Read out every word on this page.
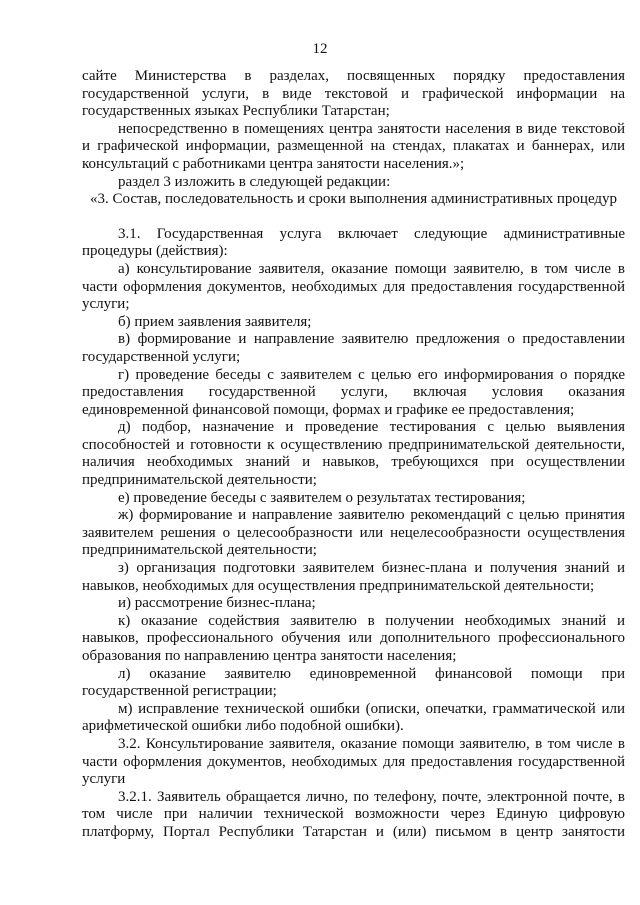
12

сайте Министерства в разделах, посвященных порядку предоставления государственной услуги, в виде текстовой и графической информации на государственных языках Республики Татарстан;

непосредственно в помещениях центра занятости населения в виде текстовой и графической информации, размещенной на стендах, плакатах и баннерах, или консультаций с работниками центра занятости населения.»;

раздел 3 изложить в следующей редакции:

«3. Состав, последовательность и сроки выполнения административных процедур

3.1. Государственная услуга включает следующие административные процедуры (действия):

а) консультирование заявителя, оказание помощи заявителю, в том числе в части оформления документов, необходимых для предоставления государственной услуги;

б) прием заявления заявителя;

в) формирование и направление заявителю предложения о предоставлении государственной услуги;

г) проведение беседы с заявителем с целью его информирования о порядке предоставления государственной услуги, включая условия оказания единовременной финансовой помощи, формах и графике ее предоставления;

д) подбор, назначение и проведение тестирования с целью выявления способностей и готовности к осуществлению предпринимательской деятельности, наличия необходимых знаний и навыков, требующихся при осуществлении предпринимательской деятельности;

е) проведение беседы с заявителем о результатах тестирования;

ж) формирование и направление заявителю рекомендаций с целью принятия заявителем решения о целесообразности или нецелесообразности осуществления предпринимательской деятельности;

з) организация подготовки заявителем бизнес-плана и получения знаний и навыков, необходимых для осуществления предпринимательской деятельности;

и) рассмотрение бизнес-плана;

к) оказание содействия заявителю в получении необходимых знаний и навыков, профессионального обучения или дополнительного профессионального образования по направлению центра занятости населения;

л) оказание заявителю единовременной финансовой помощи при государственной регистрации;

м) исправление технической ошибки (описки, опечатки, грамматической или арифметической ошибки либо подобной ошибки).

3.2. Консультирование заявителя, оказание помощи заявителю, в том числе в части оформления документов, необходимых для предоставления государственной услуги

3.2.1. Заявитель обращается лично, по телефону, почте, электронной почте, в том числе при наличии технической возможности через Единую цифровую платформу, Портал Республики Татарстан и (или) письмом в центр занятости
